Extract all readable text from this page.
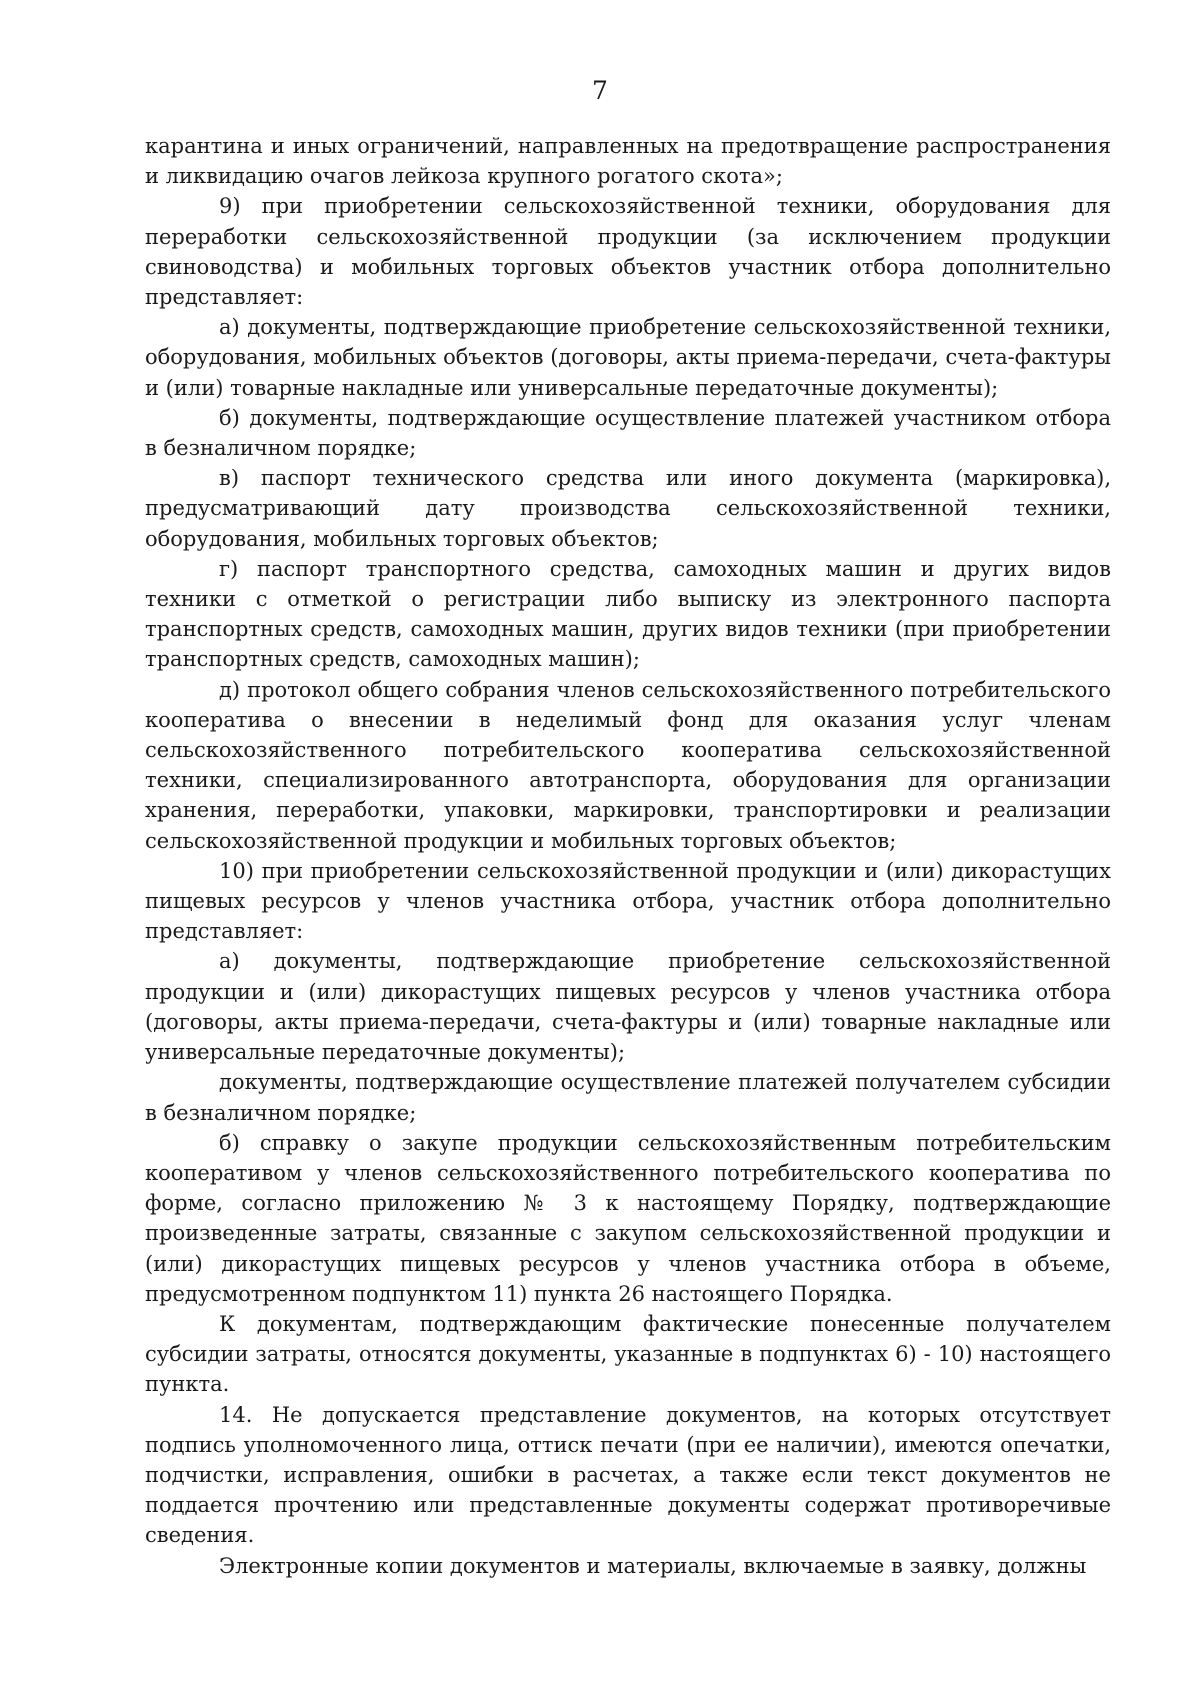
7

карантина и иных ограничений, направленных на предотвращение распространения и ликвидацию очагов лейкоза крупного рогатого скота»;

9) при приобретении сельскохозяйственной техники, оборудования для переработки сельскохозяйственной продукции (за исключением продукции свиноводства) и мобильных торговых объектов участник отбора дополнительно представляет:

а) документы, подтверждающие приобретение сельскохозяйственной техники, оборудования, мобильных объектов (договоры, акты приема-передачи, счета-фактуры и (или) товарные накладные или универсальные передаточные документы);

б) документы, подтверждающие осуществление платежей участником отбора в безналичном порядке;

в) паспорт технического средства или иного документа (маркировка), предусматривающий дату производства сельскохозяйственной техники, оборудования, мобильных торговых объектов;

г) паспорт транспортного средства, самоходных машин и других видов техники с отметкой о регистрации либо выписку из электронного паспорта транспортных средств, самоходных машин, других видов техники (при приобретении транспортных средств, самоходных машин);

д) протокол общего собрания членов сельскохозяйственного потребительского кооператива о внесении в неделимый фонд для оказания услуг членам сельскохозяйственного потребительского кооператива сельскохозяйственной техники, специализированного автотранспорта, оборудования для организации хранения, переработки, упаковки, маркировки, транспортировки и реализации сельскохозяйственной продукции и мобильных торговых объектов;

10) при приобретении сельскохозяйственной продукции и (или) дикорастущих пищевых ресурсов у членов участника отбора, участник отбора дополнительно представляет:

а) документы, подтверждающие приобретение сельскохозяйственной продукции и (или) дикорастущих пищевых ресурсов у членов участника отбора (договоры, акты приема-передачи, счета-фактуры и (или) товарные накладные или универсальные передаточные документы);

документы, подтверждающие осуществление платежей получателем субсидии в безналичном порядке;

б) справку о закупе продукции сельскохозяйственным потребительским кооперативом у членов сельскохозяйственного потребительского кооператива по форме, согласно приложению № 3 к настоящему Порядку, подтверждающие произведенные затраты, связанные с закупом сельскохозяйственной продукции и (или) дикорастущих пищевых ресурсов у членов участника отбора в объеме, предусмотренном подпунктом 11) пункта 26 настоящего Порядка.

К документам, подтверждающим фактические понесенные получателем субсидии затраты, относятся документы, указанные в подпунктах 6) - 10) настоящего пункта.

14. Не допускается представление документов, на которых отсутствует подпись уполномоченного лица, оттиск печати (при ее наличии), имеются опечатки, подчистки, исправления, ошибки в расчетах, а также если текст документов не поддается прочтению или представленные документы содержат противоречивые сведения.

Электронные копии документов и материалы, включаемые в заявку, должны
